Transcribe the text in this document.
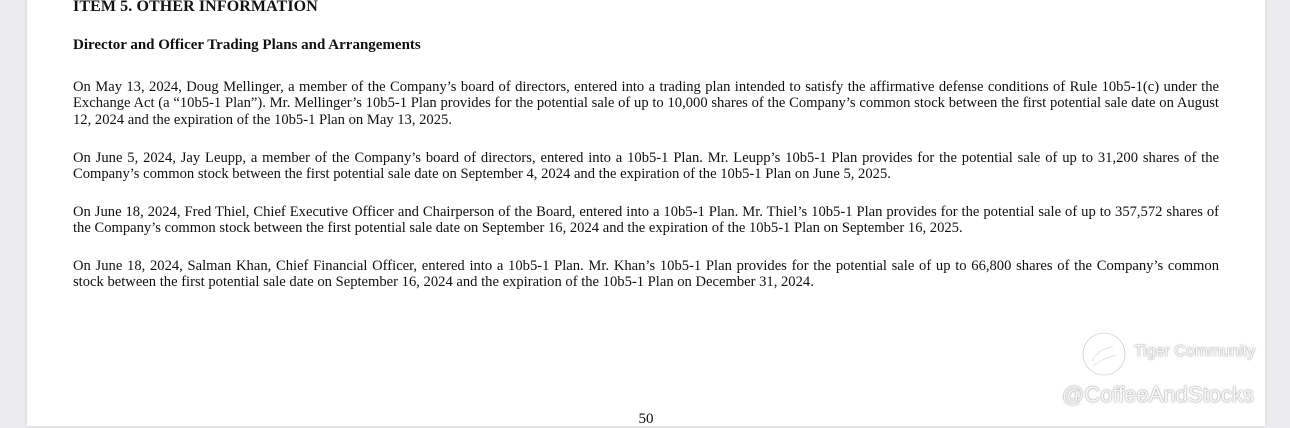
ITEM 5. OTHER INFORMATION
Director and Officer Trading Plans and Arrangements

On May 13, 2024, Doug Mellinger, a member of the Company’s board of directors, entered into a trading plan intended to satisfy the affirmative defense conditions of Rule 10b5-1(c) under the Exchange Act (a “10b5-1 Plan”). Mr. Mellinger’s 10b5-1 Plan provides for the potential sale of up to 10,000 shares of the Company’s common stock between the first potential sale date on August 12, 2024 and the expiration of the 10b5-1 Plan on May 13, 2025.

On June 5, 2024, Jay Leupp, a member of the Company’s board of directors, entered into a 10b5-1 Plan. Mr. Leupp’s 10b5-1 Plan provides for the potential sale of up to 31,200 shares of the Company’s common stock between the first potential sale date on September 4, 2024 and the expiration of the 10b5-1 Plan on June 5, 2025.

On June 18, 2024, Fred Thiel, Chief Executive Officer and Chairperson of the Board, entered into a 10b5-1 Plan. Mr. Thiel’s 10b5-1 Plan provides for the potential sale of up to 357,572 shares of the Company’s common stock between the first potential sale date on September 16, 2024 and the expiration of the 10b5-1 Plan on September 16, 2025.

On June 18, 2024, Salman Khan, Chief Financial Officer, entered into a 10b5-1 Plan. Mr. Khan’s 10b5-1 Plan provides for the potential sale of up to 66,800 shares of the Company’s common stock between the first potential sale date on September 16, 2024 and the expiration of the 10b5-1 Plan on December 31, 2024.

50
Tiger Community
@CoffeeAndStocks
